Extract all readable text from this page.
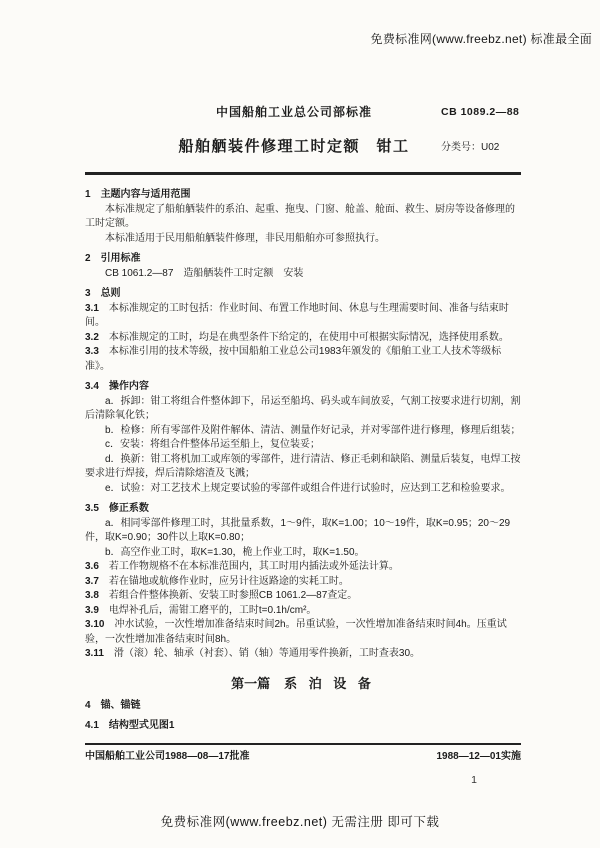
免费标准网(www.freebz.net) 标准最全面
中国船舶工业总公司部标准	CB 1089.2—88
船舶舾装件修理工时定额　钳工	分类号：U02

1 主题内容与适用范围

本标准规定了船舶舾装件的系泊、起重、拖曳、门窗、舱盖、舱面、救生、厨房等设备修理的工时定额。

本标准适用于民用船舶舾装件修理，非民用船舶亦可参照执行。

2 引用标准

CB 1061.2—87　造船舾装件工时定额　安装

3 总则

3.1 本标准规定的工时包括：作业时间、布置工作地时间、休息与生理需要时间、准备与结束时间。

3.2 本标准规定的工时，均是在典型条件下给定的，在使用中可根据实际情况，选择使用系数。

3.3 本标准引用的技术等级，按中国船舶工业总公司1983年颁发的《船舶工业工人技术等级标准》。

3.4 操作内容

a．拆卸：钳工将组合件整体卸下，吊运至船坞、码头或车间放妥，气割工按要求进行切割，割后清除氧化铁；

b．检修：所有零部件及附件解体、清洁、测量作好记录，并对零部件进行修理，修理后组装；

c．安装：将组合件整体吊运至船上，复位装妥；

d．换新：钳工将机加工或库领的零部件，进行清洁、修正毛刺和缺陷、测量后装复，电焊工按要求进行焊接，焊后清除熔渣及飞溅；

e．试验：对工艺技术上规定要试验的零部件或组合件进行试验时，应达到工艺和检验要求。

3.5 修正系数

a．相同零部件修理工时，其批量系数，1～9件，取K=1.00；10～19件，取K=0.95；20～29件，取K=0.90；30件以上取K=0.80；

b．高空作业工时，取K=1.30，桅上作业工时，取K=1.50。

3.6 若工作物规格不在本标准范围内，其工时用内插法或外延法计算。

3.7 若在锚地或航修作业时，应另计往返路途的实耗工时。

3.8 若组合件整体换新、安装工时参照CB 1061.2—87查定。

3.9 电焊补孔后，需钳工磨平的，工时t=0.1h/cm²。

3.10 冲水试验，一次性增加准备结束时间2h。吊重试验，一次性增加准备结束时间4h。压重试验，一次性增加准备结束时间8h。

3.11 滑（滚）轮、轴承（衬套）、销（轴）等通用零件换新，工时查表30。

第一篇 系 泊 设 备

4 锚、锚链

4.1 结构型式见图1

中国船舶工业公司1988—08—17批准	1988—12—01实施
1
免费标准网(www.freebz.net) 无需注册 即可下载
